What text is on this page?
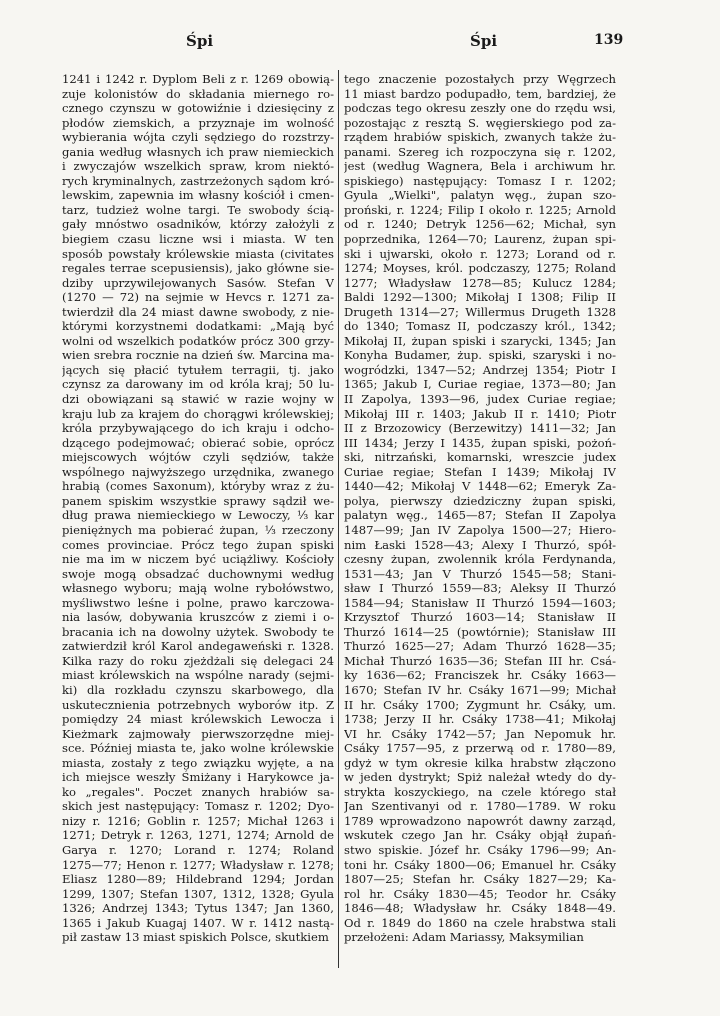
Śpi	Śpi	139
1241 i 1242 r. Dyplom Beli z r. 1269 obowią-
zuje kolonistów do składania miernego ro-
cznego czynszu w gotowiźnie i dziesięciny z
płodów ziemskich, a przyznaje im wolność
wybierania wójta czyli sędziego do rozstrzy-
gania według własnych ich praw niemieckich
i zwyczajów wszelkich spraw, krom niektó-
rych kryminalnych, zastrzeżonych sądom kró-
lewskim, zapewnia im własny kościół i cmen-
tarz, tudzież wolne targi. Te swobody ścią-
gały mnóstwo osadników, którzy założyli z
biegiem czasu liczne wsi i miasta. W ten
sposób powstały królewskie miasta (civitates
regales terrae scepusiensis), jako główne sie-
dziby uprzywilejowanych Sasów. Stefan V
(1270 — 72) na sejmie w Hevcs r. 1271 za-
twierdził dla 24 miast dawne swobody, z nie-
którymi korzystnemi dodatkami: „Mają być
wolni od wszelkich podatków prócz 300 grzy-
wien srebra rocznie na dzień św. Marcina ma-
jących się płacić tytułem terragii, tj. jako
czynsz za darowany im od króla kraj; 50 lu-
dzi obowiązani są stawić w razie wojny w
kraju lub za krajem do chorągwi królewskiej;
króla przybywającego do ich kraju i odcho-
dzącego podejmować; obierać sobie, oprócz
miejscowych wójtów czyli sędziów, także
wspólnego najwyższego urzędnika, zwanego
hrabią (comes Saxonum), któryby wraz z żu-
panem spiskim wszystkie sprawy sądził we-
dług prawa niemieckiego w Lewoczy, ⅓ kar
pieniężnych ma pobierać żupan, ⅓ rzeczony
comes provinciae. Prócz tego żupan spiski
nie ma im w niczem być uciążliwy. Kościoły
swoje mogą obsadzać duchownymi według
własnego wyboru; mają wolne rybołówstwo,
myśliwstwo leśne i polne, prawo karczowa-
nia lasów, dobywania kruszców z ziemi i o-
bracania ich na dowolny użytek. Swobody te
zatwierdził król Karol andegaweński r. 1328.
Kilka razy do roku zjeżdżali się delegaci 24
miast królewskich na wspólne narady (sejmi-
ki) dla rozkładu czynszu skarbowego, dla
uskutecznienia potrzebnych wyborów itp. Z
pomiędzy 24 miast królewskich Lewocza i
Kieżmark zajmowały pierwszorzędne miej-
sce. Później miasta te, jako wolne królewskie
miasta, zostały z tego związku wyjęte, a na
ich miejsce weszły Śmiżany i Harykowce ja-
ko „regales". Poczet znanych hrabiów sa-
skich jest następujący: Tomasz r. 1202; Dyo-
nizy r. 1216; Goblin r. 1257; Michał 1263 i
1271; Detryk r. 1263, 1271, 1274; Arnold de
Garya r. 1270; Lorand r. 1274; Roland
1275—77; Henon r. 1277; Władysław r. 1278;
Eliasz 1280—89; Hildebrand 1294; Jordan
1299, 1307; Stefan 1307, 1312, 1328; Gyula
1326; Andrzej 1343; Tytus 1347; Jan 1360,
1365 i Jakub Kuagaj 1407. W r. 1412 nastą-
pił zastaw 13 miast spiskich Polsce, skutkiem
tego znaczenie pozostałych przy Węgrzech
11 miast bardzo podupadło, tem, bardziej, że
podczas tego okresu zeszły one do rzędu wsi,
pozostając z resztą S. węgierskiego pod za-
rządem hrabiów spiskich, zwanych także żu-
panami. Szereg ich rozpoczyna się r. 1202,
jest (według Wagnera, Bela i archiwum hr.
spiskiego) następujący: Tomasz I r. 1202;
Gyula „Wielki", palatyn węg., żupan szo-
proński, r. 1224; Filip I około r. 1225; Arnold
od r. 1240; Detryk 1256—62; Michał, syn
poprzednika, 1264—70; Laurenz, żupan spi-
ski i ujwarski, około r. 1273; Lorand od r.
1274; Moyses, król. podczaszy, 1275; Roland
1277; Władysław 1278—85; Kulucz 1284;
Baldi 1292—1300; Mikołaj I 1308; Filip II
Drugeth 1314—27; Willermus Drugeth 1328
do 1340; Tomasz II, podczaszy król., 1342;
Mikołaj II, żupan spiski i szarycki, 1345; Jan
Konyha Budamer, żup. spiski, szaryski i no-
wogródzki, 1347—52; Andrzej 1354; Piotr I
1365; Jakub I, Curiae regiae, 1373—80; Jan
II Zapolya, 1393—96, judex Curiae regiae;
Mikołaj III r. 1403; Jakub II r. 1410; Piotr
II z Brzozowicy (Berzewitzy) 1411—32; Jan
III 1434; Jerzy I 1435, żupan spiski, pożoń-
ski, nitrzański, komarnski, wreszcie judex
Curiae regiae; Stefan I 1439; Mikołaj IV
1440—42; Mikołaj V 1448—62; Emeryk Za-
polya, pierwszy dziedziczny żupan spiski,
palatyn węg., 1465—87; Stefan II Zapolya
1487—99; Jan IV Zapolya 1500—27; Hiero-
nim Łaski 1528—43; Alexy I Thurzó, spół-
czesny żupan, zwolennik króla Ferdynanda,
1531—43; Jan V Thurzó 1545—58; Stani-
sław I Thurzó 1559—83; Aleksy II Thurzó
1584—94; Stanisław II Thurzó 1594—1603;
Krzysztof Thurzó 1603—14; Stanisław II
Thurzó 1614—25 (powtórnie); Stanisław III
Thurzó 1625—27; Adam Thurzó 1628—35;
Michał Thurzó 1635—36; Stefan III hr. Csá-
ky 1636—62; Franciszek hr. Csáky 1663—
1670; Stefan IV hr. Csáky 1671—99; Michał
II hr. Csáky 1700; Zygmunt hr. Csáky, um.
1738; Jerzy II hr. Csáky 1738—41; Mikołaj
VI hr. Csáky 1742—57; Jan Nepomuk hr.
Csáky 1757—95, z przerwą od r. 1780—89,
gdyż w tym okresie kilka hrabstw złączono
w jeden dystrykt; Spiż należał wtedy do dy-
strykta koszyckiego, na czele którego stał
Jan Szentivanyi od r. 1780—1789. W roku
1789 wprowadzono napowrót dawny zarząd,
wskutek czego Jan hr. Csáky objął żupań-
stwo spiskie. Józef hr. Csáky 1796—99; An-
toni hr. Csáky 1800—06; Emanuel hr. Csáky
1807—25; Stefan hr. Csáky 1827—29; Ka-
rol hr. Csáky 1830—45; Teodor hr. Csáky
1846—48; Władysław hr. Csáky 1848—49.
Od r. 1849 do 1860 na czele hrabstwa stali
przełożeni: Adam Mariassy, Maksymilian
